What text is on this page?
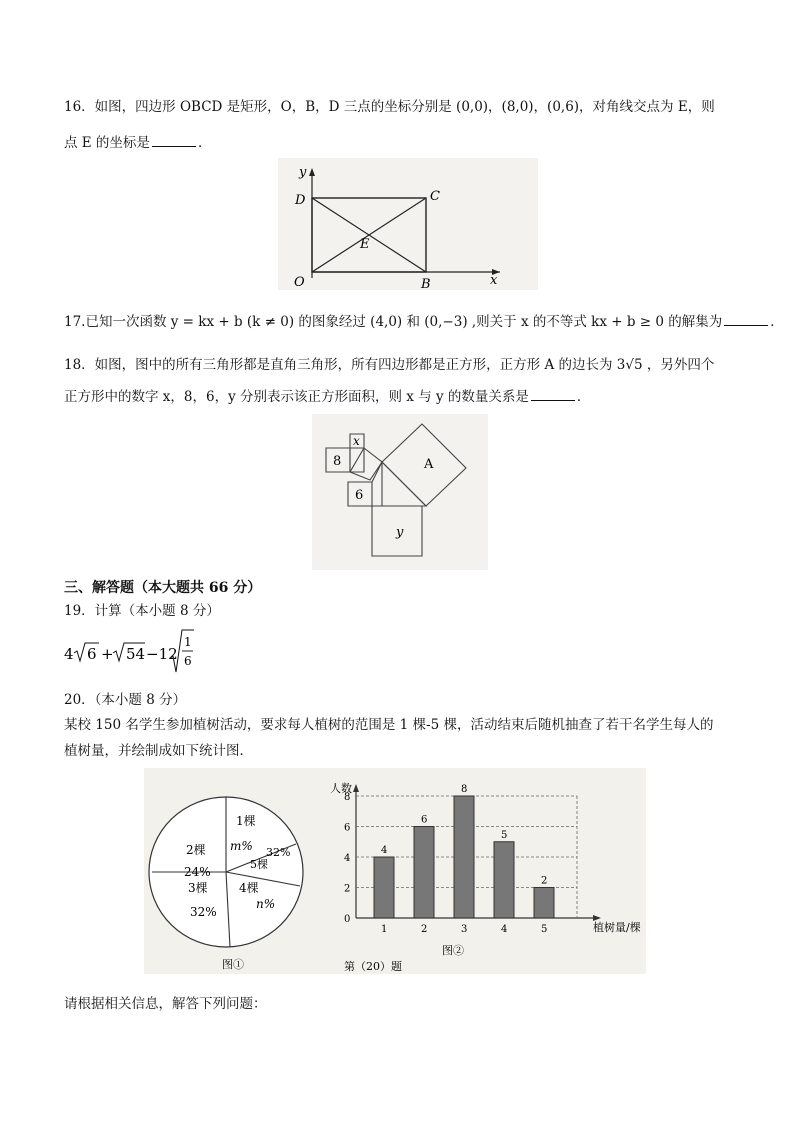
16．如图，四边形 OBCD 是矩形，O，B，D 三点的坐标分别是 (0,0)，(8,0)，(0,6)，对角线交点为 E，则
点 E 的坐标是	．
y
x
D	C
E
O	B
17.已知一次函数 y = kx + b (k ≠ 0) 的图象经过 (4,0) 和 (0,−3) ,则关于 x 的不等式 kx + b ≥ 0 的解集为	．
18．如图，图中的所有三角形都是直角三角形，所有四边形都是正方形，正方形 A 的边长为 3√5 ，另外四个
正方形中的数字 x，8，6，y 分别表示该正方形面积，则 x 与 y 的数量关系是	．
x
8	A
6
y
三、解答题（本大题共 66 分）
19．计算（本小题 8 分）
4 6 + 54 −12
1
6
20．（本小题 8 分）
某校 150 名学生参加植树活动，要求每人植树的范围是 1 棵-5 棵，活动结束后随机抽查了若干名学生每人的
植树量，并绘制成如下统计图．
2棵
24%
1棵
m% 32%
5棵
4棵
n%
3棵
32%
图①
人数
植树量/棵
0
2
4
6
8
4
1
6
2
8
3
5
4
2
5
第（20）题
图②
请根据相关信息，解答下列问题：
